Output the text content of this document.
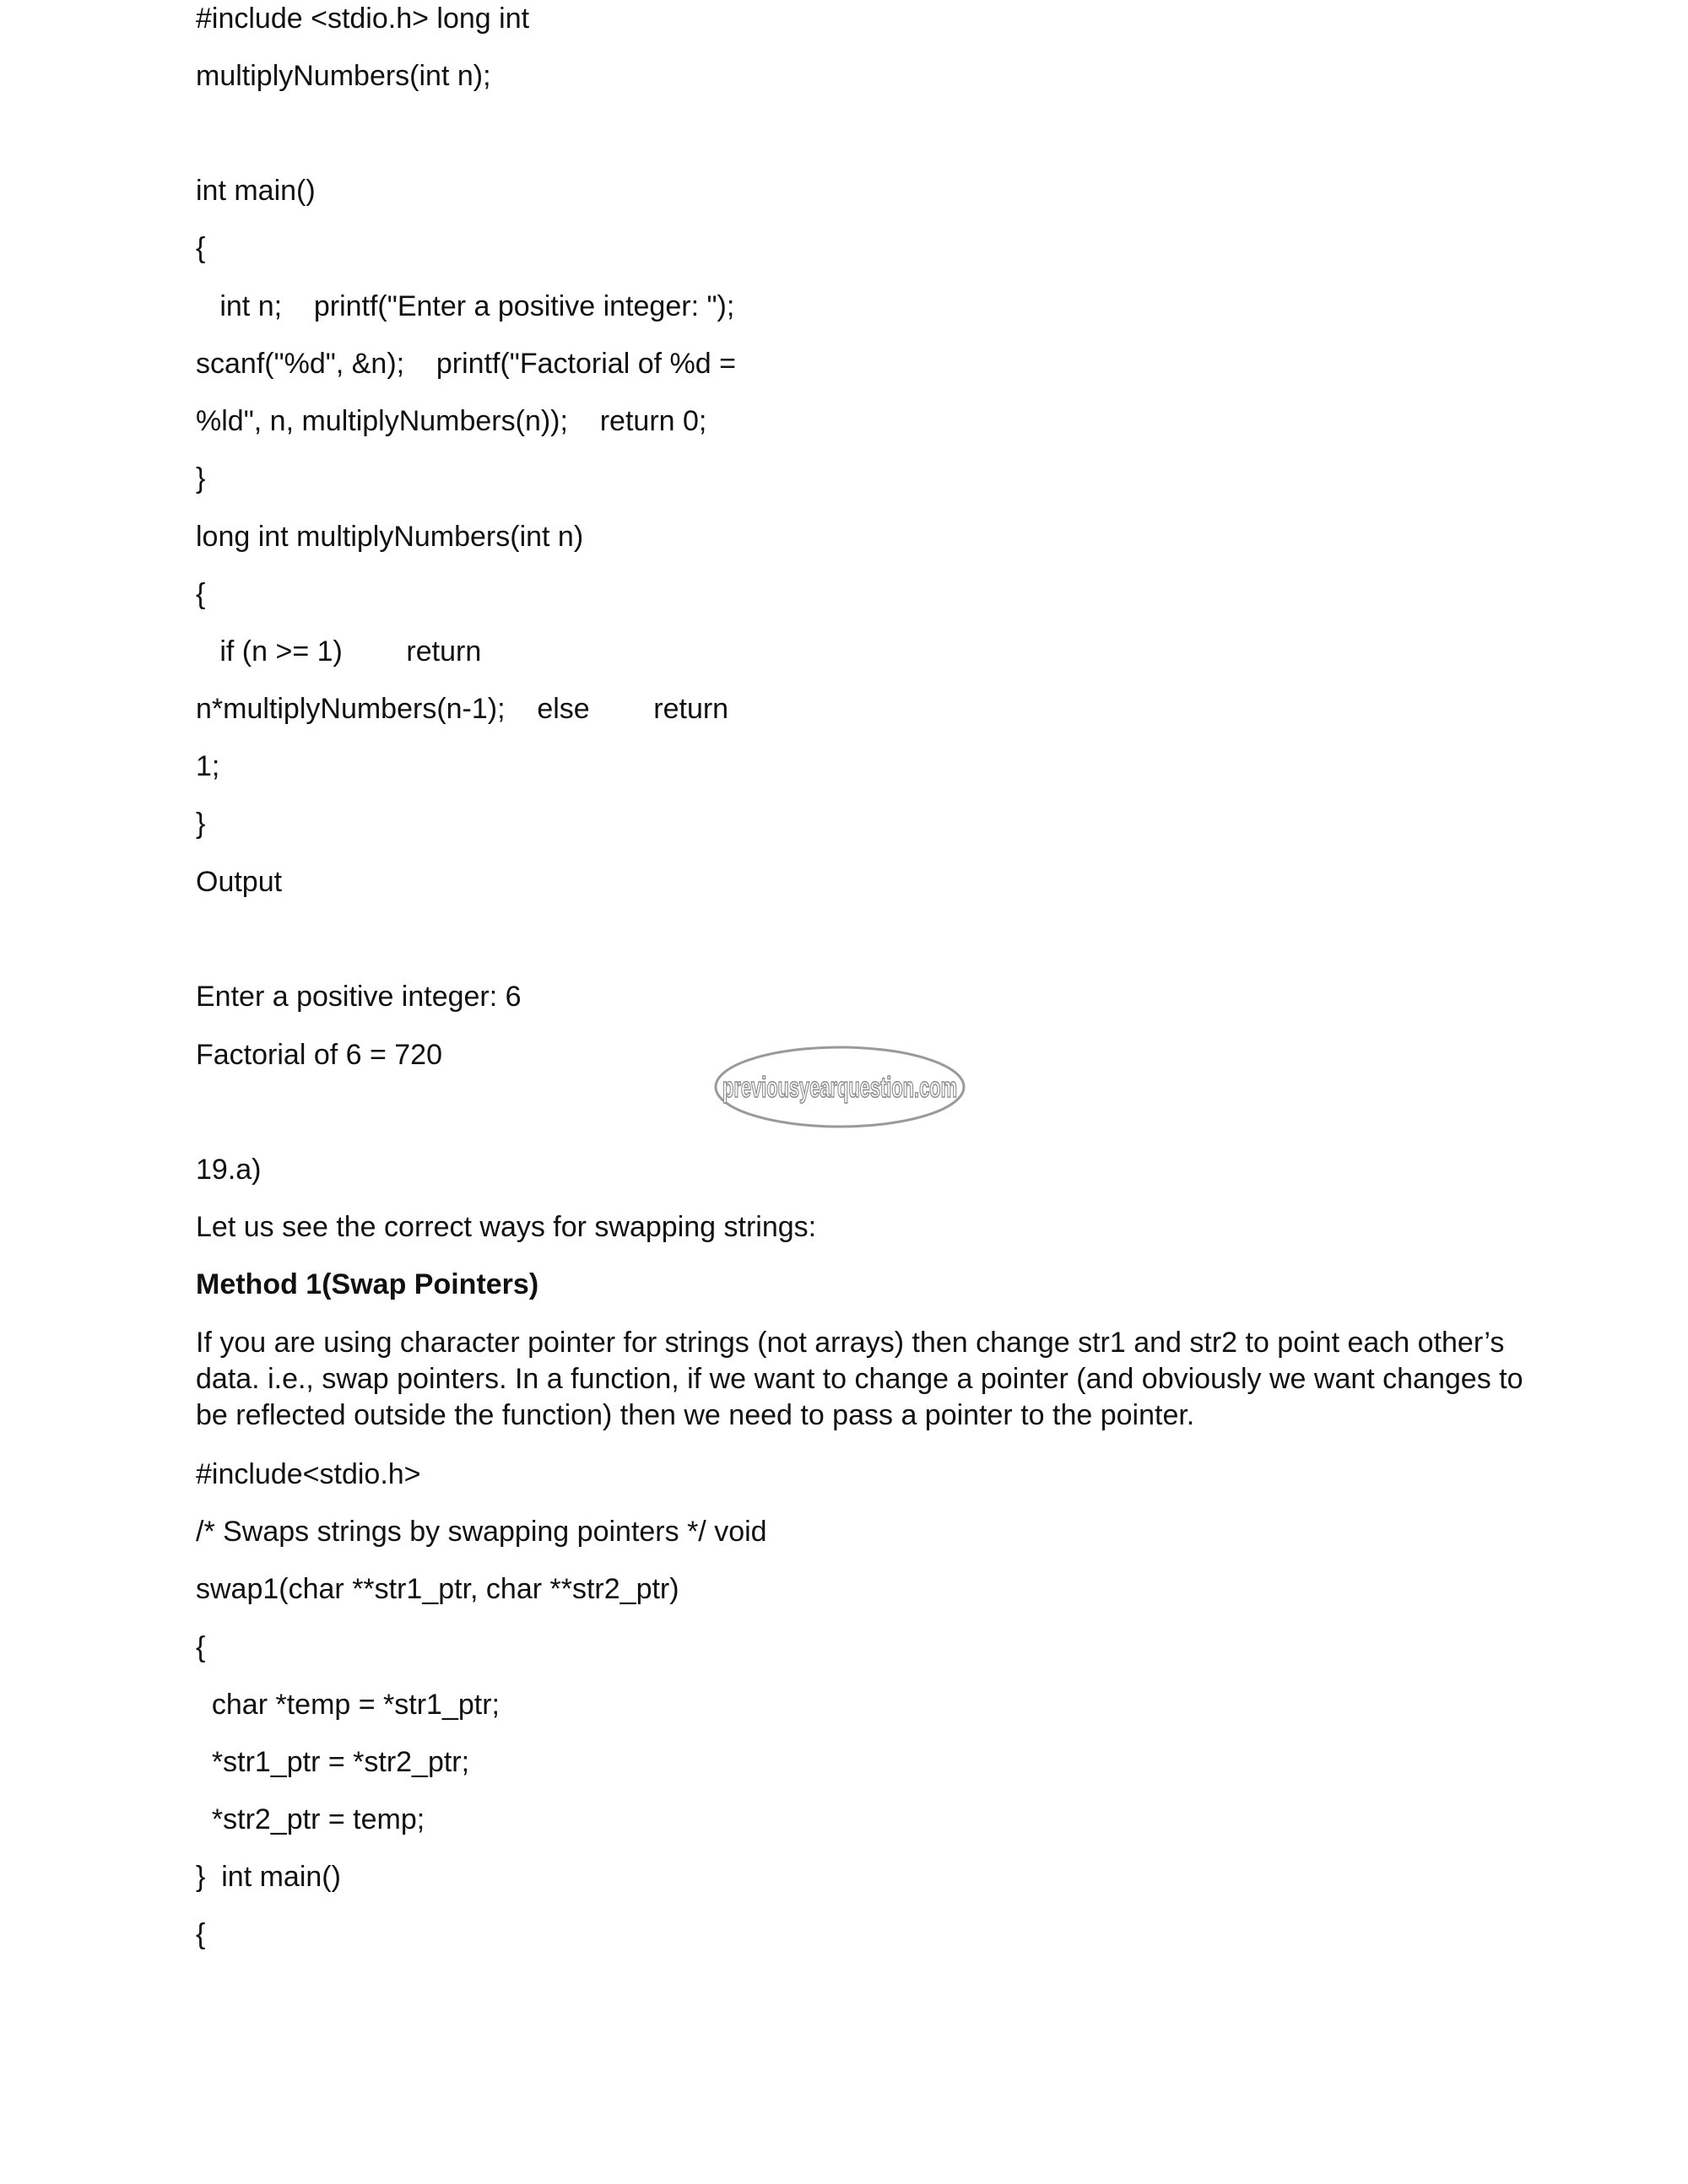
#include <stdio.h> long int
multiplyNumbers(int n);
int main()
{
int n;    printf("Enter a positive integer: ");
scanf("%d", &n);    printf("Factorial of %d =
%ld", n, multiplyNumbers(n));    return 0;
}
long int multiplyNumbers(int n)
{
if (n >= 1)        return
n*multiplyNumbers(n-1);    else        return
1;
}
Output
Enter a positive integer: 6
Factorial of 6 = 720
previousyearquestion.com
19.a)
Let us see the correct ways for swapping strings:
Method 1(Swap Pointers)
If you are using character pointer for strings (not arrays) then change str1 and str2 to point each other’s
data. i.e., swap pointers. In a function, if we want to change a pointer (and obviously we want changes to
be reflected outside the function) then we need to pass a pointer to the pointer.
#include<stdio.h>
/* Swaps strings by swapping pointers */ void
swap1(char **str1_ptr, char **str2_ptr)
{
char *temp = *str1_ptr;
*str1_ptr = *str2_ptr;
*str2_ptr = temp;
}  int main()
{
